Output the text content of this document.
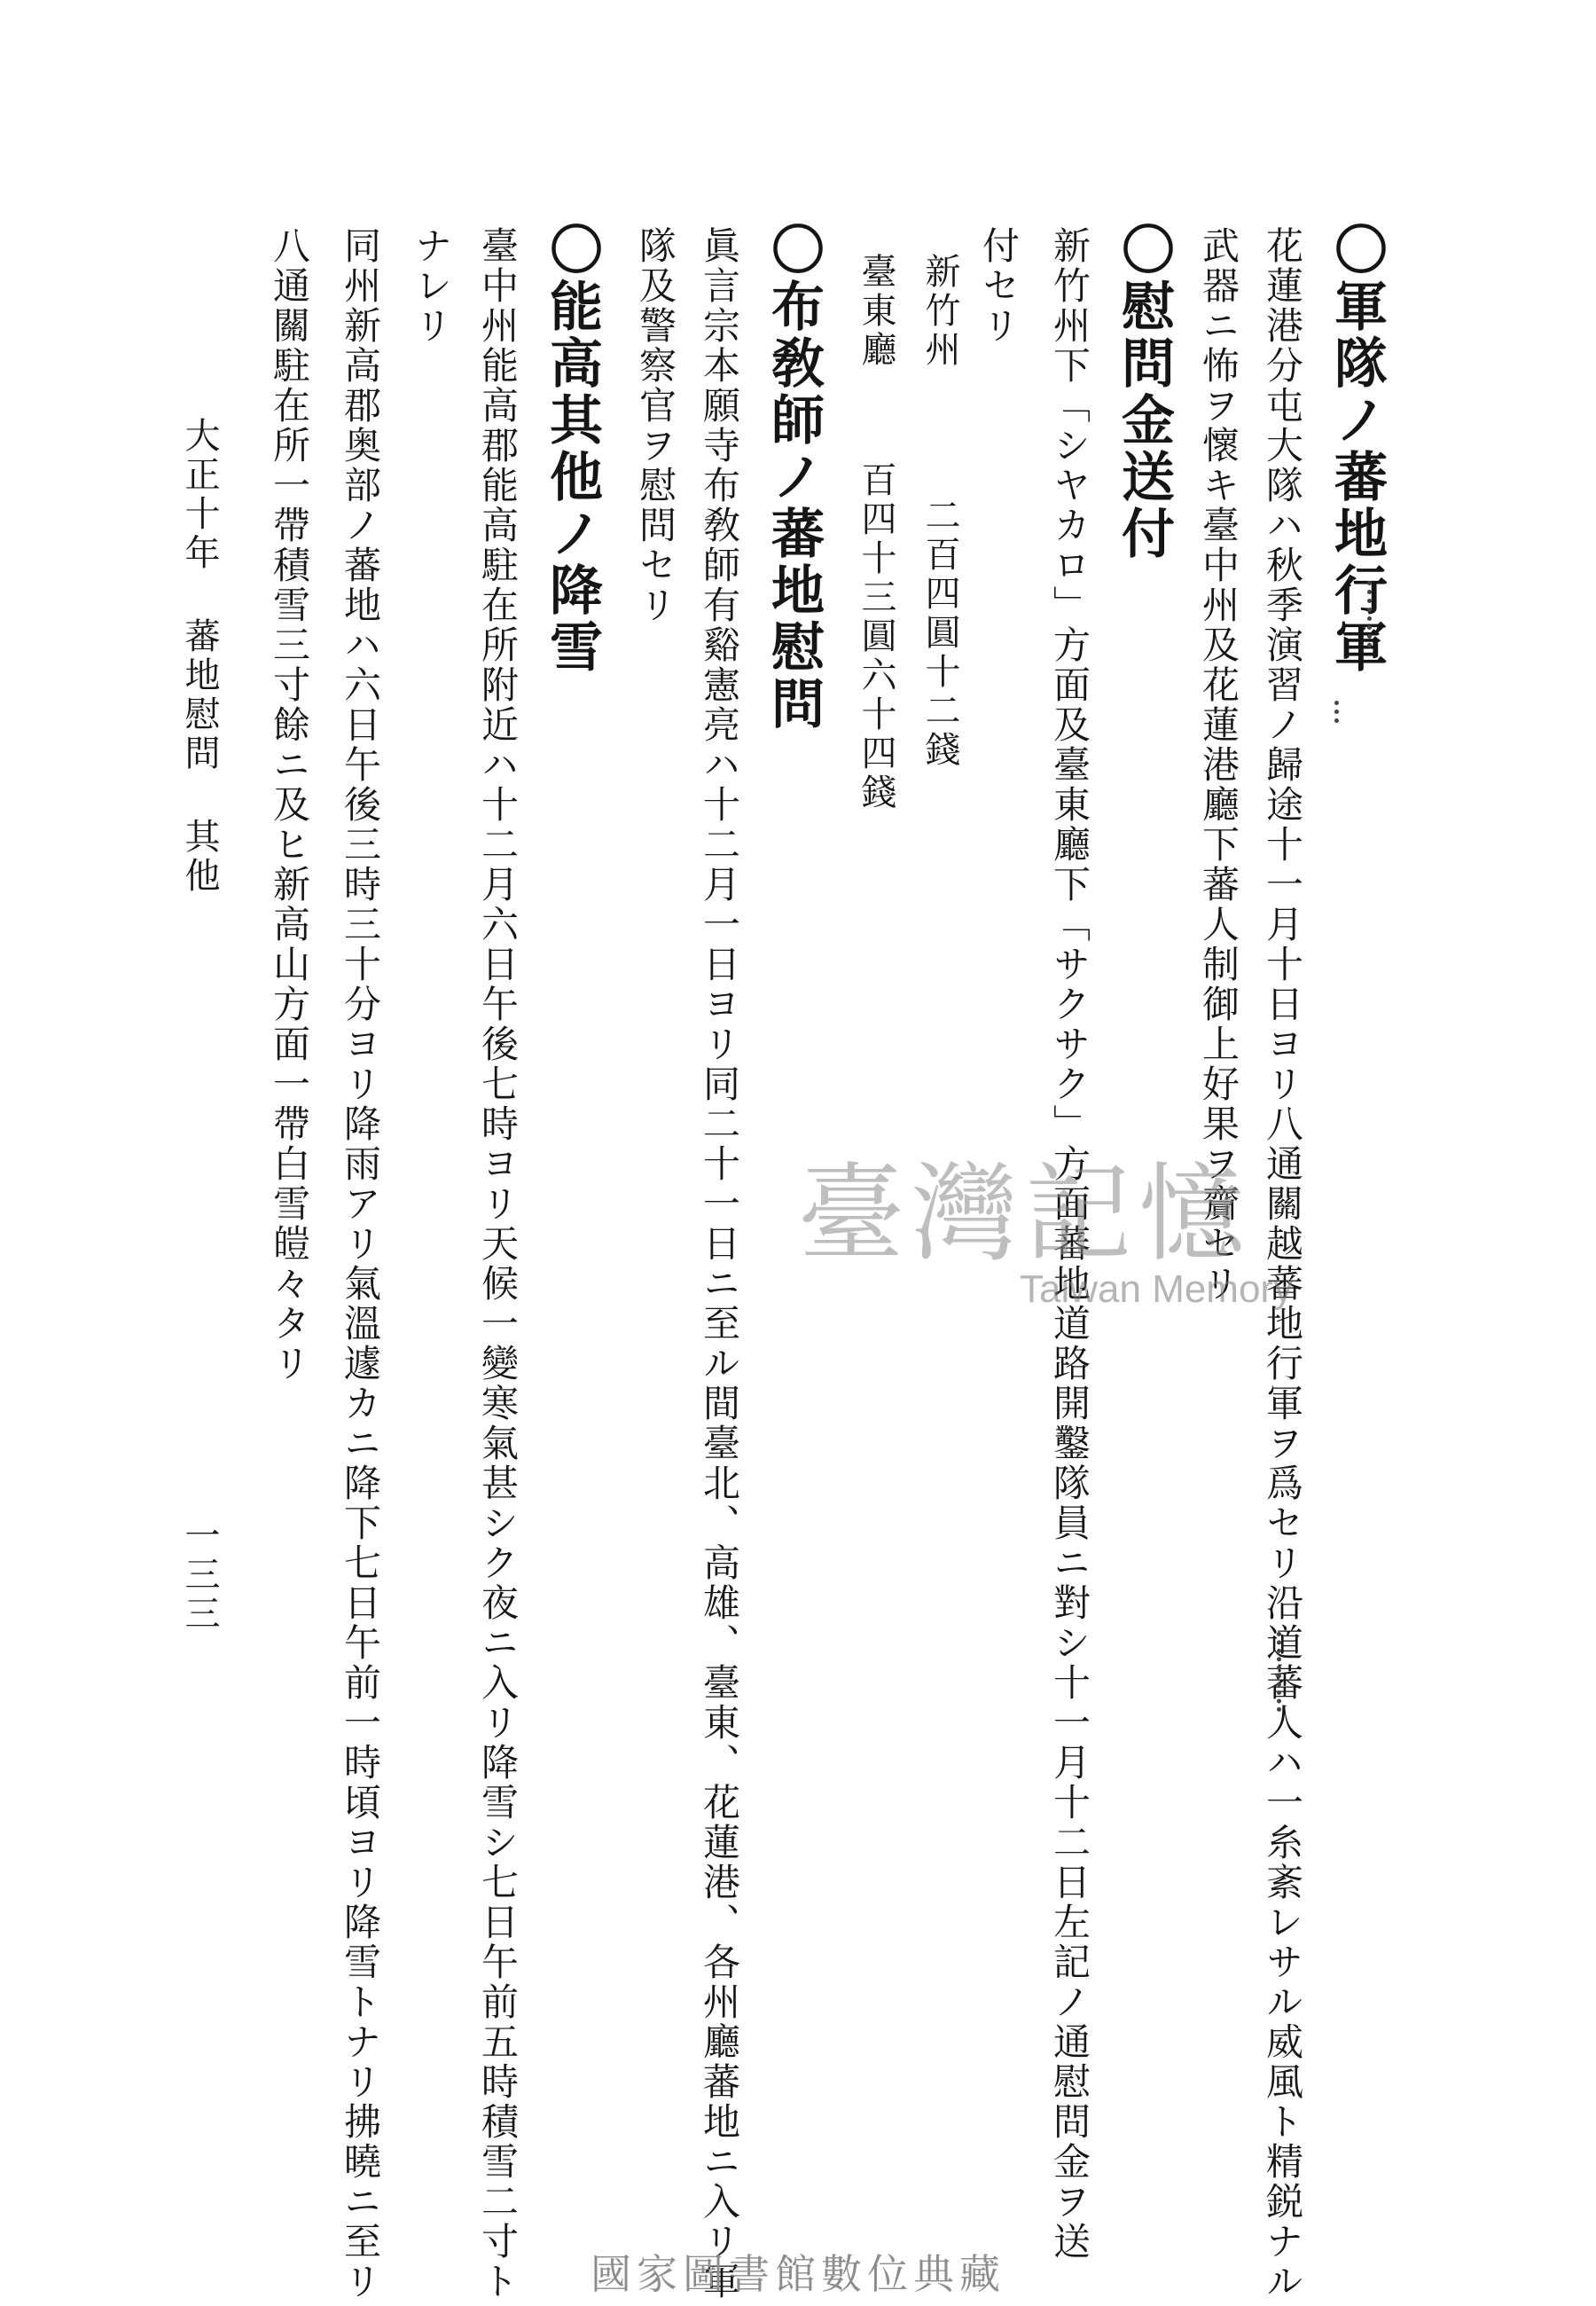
〇軍隊ノ蕃地行軍
花蓮港分屯大隊ハ秋季演習ノ歸途十一月十日ヨリ八通關越蕃地行軍ヲ爲セリ沿道蕃人ハ一糸紊レサル威風ト精鋭ナル
武器ニ怖ヲ懷キ臺中州及花蓮港廳下蕃人制御上好果ヲ齎セリ
〇慰問金送付
新竹州下「シヤカロ」方面及臺東廳下「サクサク」方面蕃地道路開鑿隊員ニ對シ十一月十二日左記ノ通慰問金ヲ送
付セリ
新竹州
二百四圓十二錢
臺東廳
百四十三圓六十四錢
〇布敎師ノ蕃地慰問
眞言宗本願寺布敎師有谿憲亮ハ十二月一日ヨリ同二十一日ニ至ル間臺北、高雄、臺東、花蓮港、各州廳蕃地ニ入リ軍
隊及警察官ヲ慰問セリ
〇能高其他ノ降雪
臺中州能高郡能高駐在所附近ハ十二月六日午後七時ヨリ天候一變寒氣甚シク夜ニ入リ降雪シ七日午前五時積雪二寸ト
ナレリ
同州新高郡奥部ノ蕃地ハ六日午後三時三十分ヨリ降雨アリ氣溫遽カニ降下七日午前一時頃ヨリ降雪トナリ拂曉ニ至リ
八通關駐在所一帶積雪三寸餘ニ及ヒ新高山方面一帶白雪皚々タリ
大正十年 蕃地慰問 其他
一三三
臺灣記憶
Taiwan Memory
國家圖書館數位典藏
